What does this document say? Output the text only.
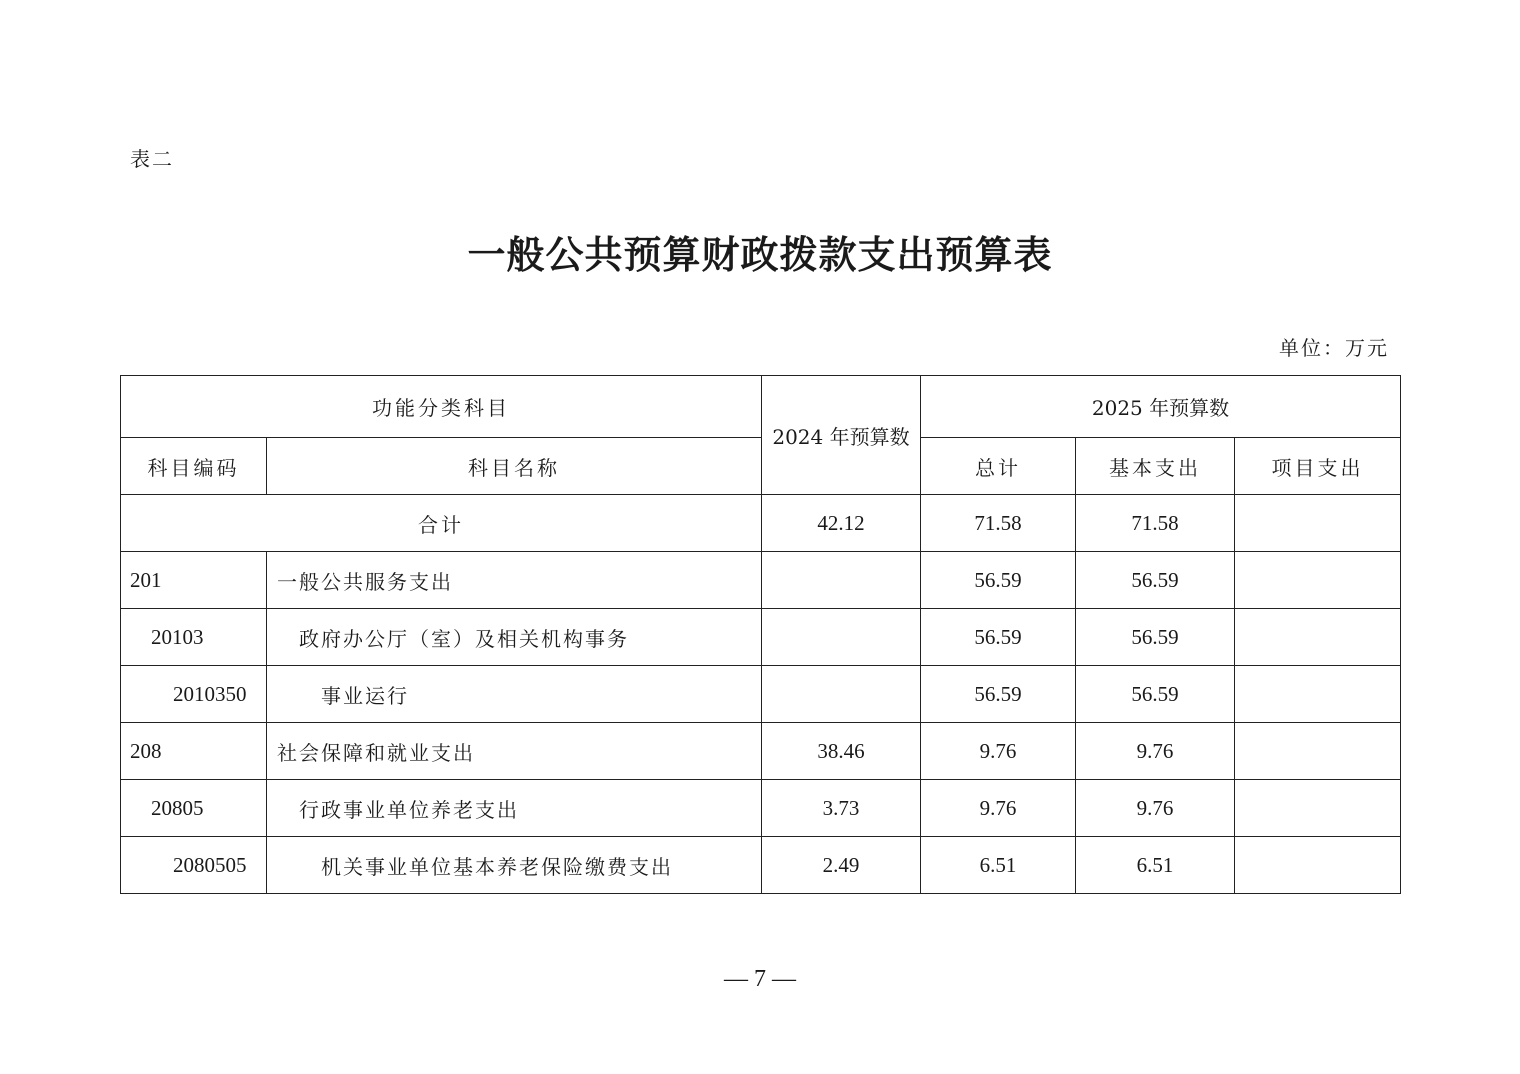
表二
一般公共预算财政拨款支出预算表
单位：万元
功能分类科目		2024 年预算数	2025 年预算数		
科目编码	科目名称		总计	基本支出	项目支出
合计		42.12	71.58	71.58	
201	一般公共服务支出		56.59	56.59	
20103	政府办公厅（室）及相关机构事务		56.59	56.59	
2010350	事业运行		56.59	56.59	
208	社会保障和就业支出	38.46	9.76	9.76	
20805	行政事业单位养老支出	3.73	9.76	9.76	
2080505	机关事业单位基本养老保险缴费支出	2.49	6.51	6.51	
— 7 —
